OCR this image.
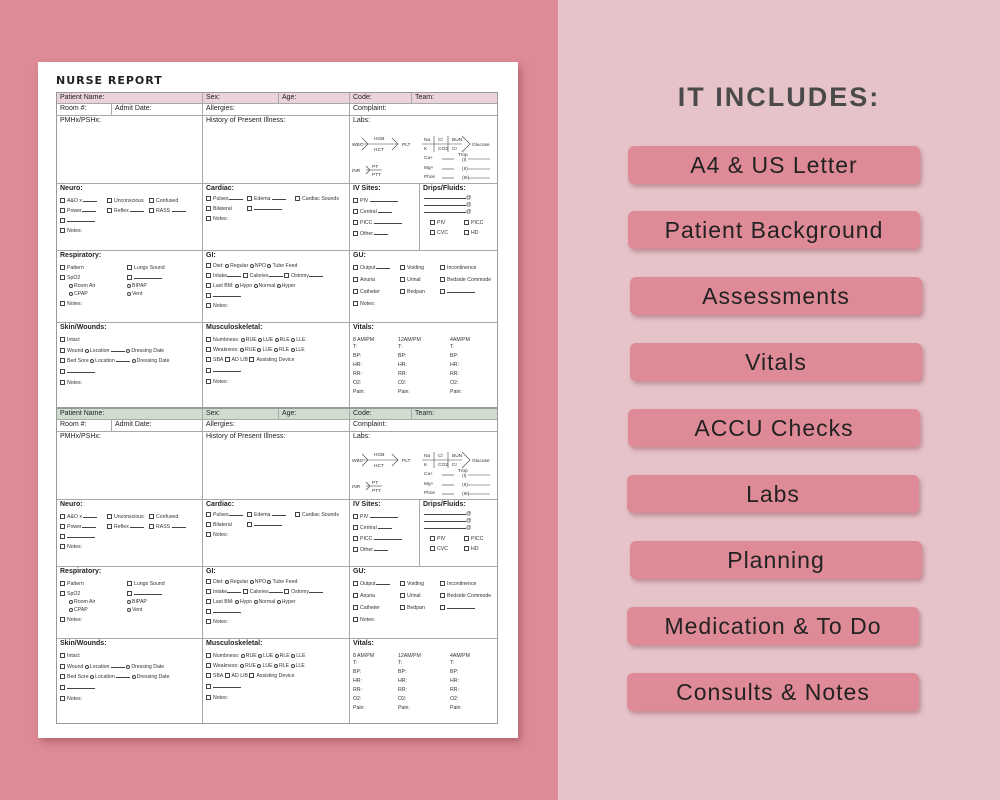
NURSE REPORT
Patient Name:	Sex:	Age:	Code:	Team:
Room #:	Admit Date:	Allergies:	Complaint:
PMHx/PSHx:	History of Present Illness:	Labs:
WBC
HGB
HCT
PLT
Na Cl BUN
K CO2 Cr
Glucose
INR
PT
PTT
Ca+
Mg+
Phos
Trop
(I)
(II)
(III)
Neuro:
A&O x	Unconscious	Confused
Power	Reflex	RASS
Notes:
Cardiac:
Pulses	Edema	Cardiac Sounds
Bilateral
Notes:
IV Sites:
PIV
Central
PICC
Other
Drips/Fluids:
@
@
@
PIV	PICC
CVC	HD
Respiratory:
Pattern	Lungs Sound
SpO2
Room Air	BIPAP
CPAP	Vent
Notes:
GI:
Diet: Regular NPO Tube Feed
Intake	Calories	Ostomy
Last BM: Hypo Normal Hyper
Notes:
GU:
Output	Voiding	Incontinence
Anuria	Urinal	Bedside Commode
Catheter	Bedpan
Notes:
Skin/Wounds:
Intact
Wound Location	Dressing Date
Bed Sore Location	Dressing Date
Notes:
Musculoskeletal:
Numbness: RUE LUE RLE LLE
Weakness: RUE LUE RLE LLE
SBA AD LIB Assisting Device
Notes:
Vitals:
8 AM/PM
T:
BP:
HR:
RR:
O2:
Pain:
12AM/PM
T:
BP:
HR:
RR:
O2:
Pain:
4AM/PM
T:
BP:
HR:
RR:
O2:
Pain:
Patient Name:	Sex:	Age:	Code:	Team:
Room #:	Admit Date:	Allergies:	Complaint:
PMHx/PSHx:	History of Present Illness:	Labs:
WBC
HGB
HCT
PLT
Na Cl BUN
K CO2 Cr
Glucose
INR
PT
PTT
Ca+
Mg+
Phos
Trop
(I)
(II)
(III)
Neuro:
A&O x	Unconscious	Confused
Power	Reflex	RASS
Notes:
Cardiac:
Pulses	Edema	Cardiac Sounds
Bilateral
Notes:
IV Sites:
PIV
Central
PICC
Other
Drips/Fluids:
@
@
@
PIV	PICC
CVC	HD
Respiratory:
Pattern	Lungs Sound
SpO2
Room Air	BIPAP
CPAP	Vent
Notes:
GI:
Diet: Regular NPO Tube Feed
Intake	Calories	Ostomy
Last BM: Hypo Normal Hyper
Notes:
GU:
Output	Voiding	Incontinence
Anuria	Urinal	Bedside Commode
Catheter	Bedpan
Notes:
Skin/Wounds:
Intact
Wound Location	Dressing Date
Bed Sore Location	Dressing Date
Notes:
Musculoskeletal:
Numbness: RUE LUE RLE LLE
Weakness: RUE LUE RLE LLE
SBA AD LIB Assisting Device
Notes:
Vitals:
8 AM/PM
T:
BP:
HR:
RR:
O2:
Pain:
12AM/PM
T:
BP:
HR:
RR:
O2:
Pain:
4AM/PM
T:
BP:
HR:
RR:
O2:
Pain:
IT INCLUDES:
A4 & US Letter
Patient Background
Assessments
Vitals
ACCU Checks
Labs
Planning
Medication & To Do
Consults & Notes
